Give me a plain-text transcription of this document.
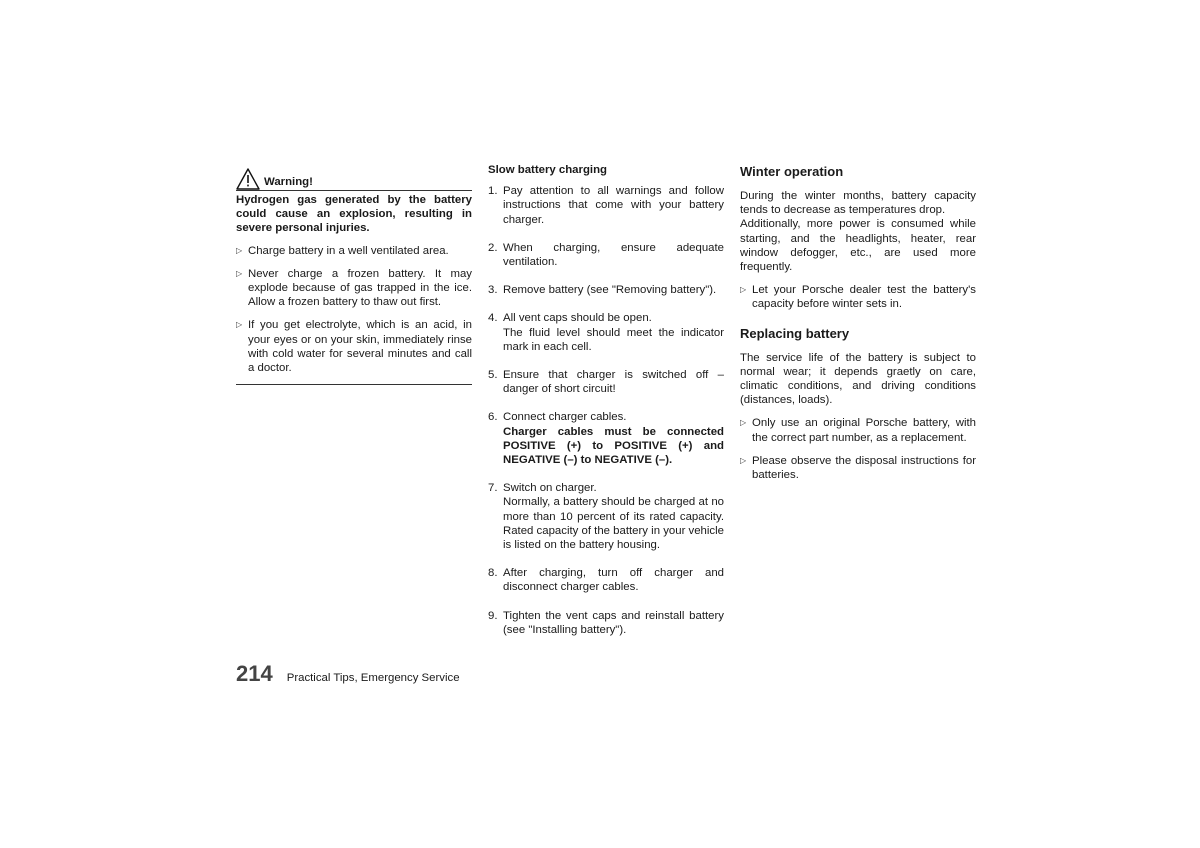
Warning!
Hydrogen gas generated by the battery could cause an explosion, resulting in severe personal injuries.
▷ Charge battery in a well ventilated area.
▷ Never charge a frozen battery. It may explode because of gas trapped in the ice. Allow a frozen battery to thaw out first.
▷ If you get electrolyte, which is an acid, in your eyes or on your skin, immediately rinse with cold water for several minutes and call a doctor.
Slow battery charging
1. Pay attention to all warnings and follow instructions that come with your battery charger.
2. When charging, ensure adequate ventilation.
3. Remove battery (see "Removing battery").
4. All vent caps should be open.
The fluid level should meet the indicator mark in each cell.
5. Ensure that charger is switched off – danger of short circuit!
6. Connect charger cables.
Charger cables must be connected POSITIVE (+) to POSITIVE (+) and NEGATIVE (–) to NEGATIVE (–).
7. Switch on charger.
Normally, a battery should be charged at no more than 10 percent of its rated capacity. Rated capacity of the battery in your vehicle is listed on the battery housing.
8. After charging, turn off charger and disconnect charger cables.
9. Tighten the vent caps and reinstall battery (see "Installing battery").
Winter operation

During the winter months, battery capacity tends to decrease as temperatures drop.

Additionally, more power is consumed while starting, and the headlights, heater, rear window defogger, etc., are used more frequently.

▷ Let your Porsche dealer test the battery's capacity before winter sets in.
Replacing battery

The service life of the battery is subject to normal wear; it depends graetly on care, climatic conditions, and driving conditions (distances, loads).

▷ Only use an original Porsche battery, with the correct part number, as a replacement.
▷ Please observe the disposal instructions for batteries.
214 Practical Tips, Emergency Service
